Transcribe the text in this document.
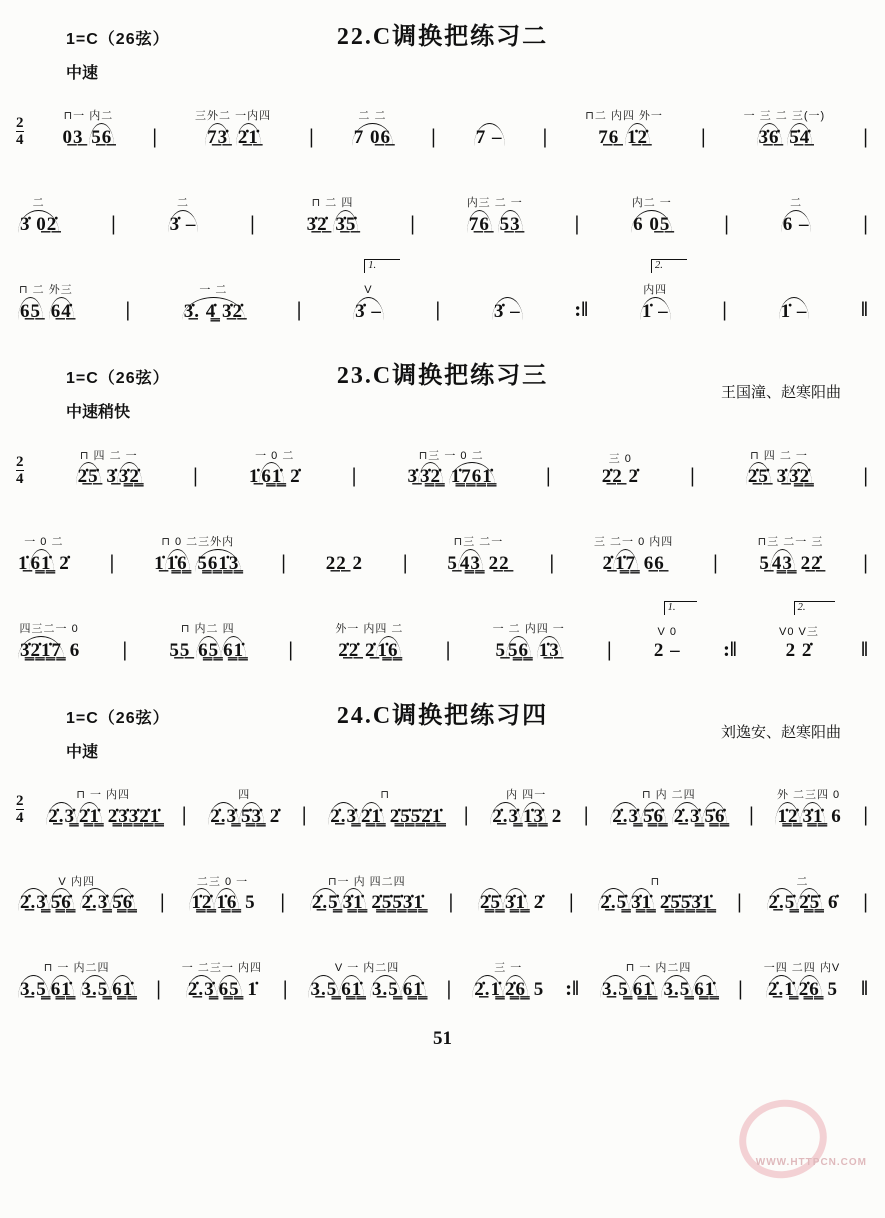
1=C（26弦）	22.C调换把练习二
中速
2
4
⊓一 内二
0̲3̲ 5̲6̲ |
三外二 一内四
7̲3̲̇ 2̲̇1̲̇	|
二 二
7 0̲6̲ | 7 – |
⊓二 内四 外一
7̲6̲ 1̲̇2̲̇	|
一 三 二 三(一)
3̲̇6̲̇ 5̲̇4̲̇	|
二
3̇ 0̲2̲̇	|
二
3̇ –	|
⊓ 二 四
3̲̇2̲̇ 3̲̇5̲̇	|
内三 二 一
7̲6̲ 5̲3̲	|
内二 一
6 0̲5̲	|
二
6 –	|
⊓ 二 外三
6̲5̲ 6̲4̲̇	|
一 二
3̲̇. 4̳̇ 3̲̇2̲̇	|
1.
V
3̇ –	|	3̇ –	:‖
2.
内四
1̇ –	|	1̇ –	‖
1=C（26弦）	23.C调换把练习三
王国潼、赵寒阳曲
中速稍快
2
4
⊓ 四 二 一
2̲̇5̲̇ 3̲̇ 3̳̇2̳̇	|
一 0 二
1̲̇ 6̳1̳̇ 2̇ |
⊓三 一 0 二
3̲̇ 3̳̇2̳̇ 1̳̇7̳6̳1̳̇	|
三 0
2̲̇2̲ 2̇ |
⊓ 四 二 一
2̲̇5̲̇ 3̲̇ 3̳̇2̳̇	|
一 0 二
1̲̇ 6̳1̳̇ 2̇ |
⊓ 0 二三外内
1̲̇ 1̳̇6̳ 5̳6̳1̳̇3̳ | 2̲2̲ 2 |
⊓三 二一
5̲ 4̳3̳ 2̲2̲ |
三 二一 0 内四
2̲̇ 1̳̇7̳ 6̲6̲	|
⊓三 二一 三
5̲ 4̳3̳ 2̲2̲̇ |
四三二一 0
3̳̇2̳̇1̳̇7̳ 6 |
⊓ 内二 四
5̲5̲ 6̳5̳ 6̳1̳̇ |
外一 内四 二
2̲̇2̲̇ 2̲̇ 1̳̇6̳ |
一 二 内四 一
5̲ 5̳6̳ 1̲̇3̲ |
1.
V 0
2 – :‖
2.
V0 V三
2 2̇	‖
1=C（26弦）	24.C调换把练习四
刘逸安、赵寒阳曲
中速
2
4
⊓ 一 内四
2̲̇.3̳̇ 2̳̇1̳̇ 2̳̇3̳̇3̳̇2̳̇1̳̇ |
四
2̲̇.3̳̇ 5̳̇3̳̇ 2̇ |
⊓
2̲̇.3̳̇ 2̳̇1̳̇ 2̳̇5̳̇5̳̇2̳̇1̳̇ |
内 四一
2̲̇.3̳̇ 1̳̇3̳̇ 2 |
⊓ 内 二四
2̲̇.3̳̇ 5̳̇6̳̇ 2̲̇.3̳̇ 5̳̇6̳̇ |
外 二三四 0
1̳̇2̳̇ 3̳̇1̳̇ 6 |
V 内四
2̲̇.3̳̇ 5̳̇6̳̇ 2̲̇.3̳̇ 5̳̇6̳̇ |
二三 0 一
1̳̇2̳̇ 1̳̇6̳ 5 |
⊓一 内 四二四
2̲̇.5̳̇ 3̳̇1̳̇ 2̳̇5̳̇5̳̇3̳̇1̳̇ | 2̳̇5̳̇ 3̳̇1̳̇ 2̇ |
⊓
2̲̇.5̳̇ 3̳̇1̳̇ 2̳̇5̳̇5̳̇3̳̇1̳̇ |
二
2̲̇.5̳̇ 2̳̇5̳̇ 6̇ |
⊓ 一 内二四
3̲.5̳ 6̳1̳̇ 3̲.5̳ 6̳1̳̇ |
一 二三一 内四
2̲̇.3̳̇ 6̳5̳ 1̇ |
V 一 内二四
3̲.5̳ 6̳1̳̇ 3̲.5̳ 6̳1̳̇ |
三 一
2̲̇.1̳̇ 2̳̇6̳ 5 :‖
⊓ 一 内二四
3̲.5̳ 6̳1̳̇ 3̲.5̳ 6̳1̳̇ |
一四 二四 内V
2̲̇.1̳̇ 2̳̇6̳ 5 ‖
51
WWW.HTTPCN.COM
